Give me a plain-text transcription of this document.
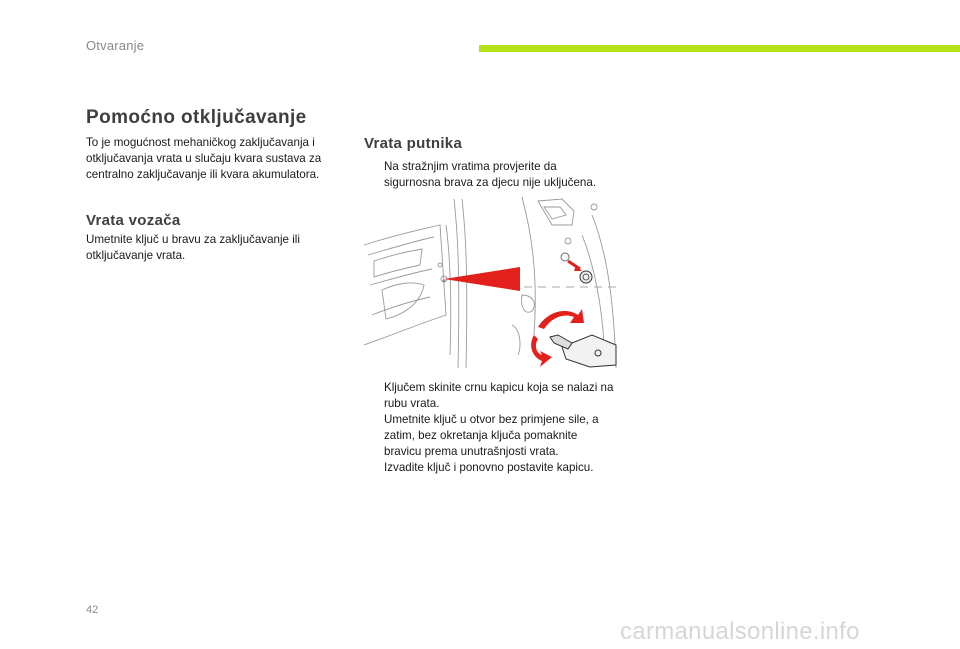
Otvaranje
Pomoćno otključavanje

To je mogućnost mehaničkog zaključavanja i otključavanja vrata u slučaju kvara sustava za centralno zaključavanje ili kvara akumulatora.

Vrata vozača

Umetnite ključ u bravu za zaključavanje ili otključavanje vrata.

Vrata putnika
Na stražnjim vratima provjerite da sigurnosna brava za djecu nije uključena.
Ključem skinite crnu kapicu koja se nalazi na rubu vrata.
Umetnite ključ u otvor bez primjene sile, a zatim, bez okretanja ključa pomaknite bravicu prema unutrašnjosti vrata.
Izvadite ključ i ponovno postavite kapicu.
42
carmanualsonline.info
